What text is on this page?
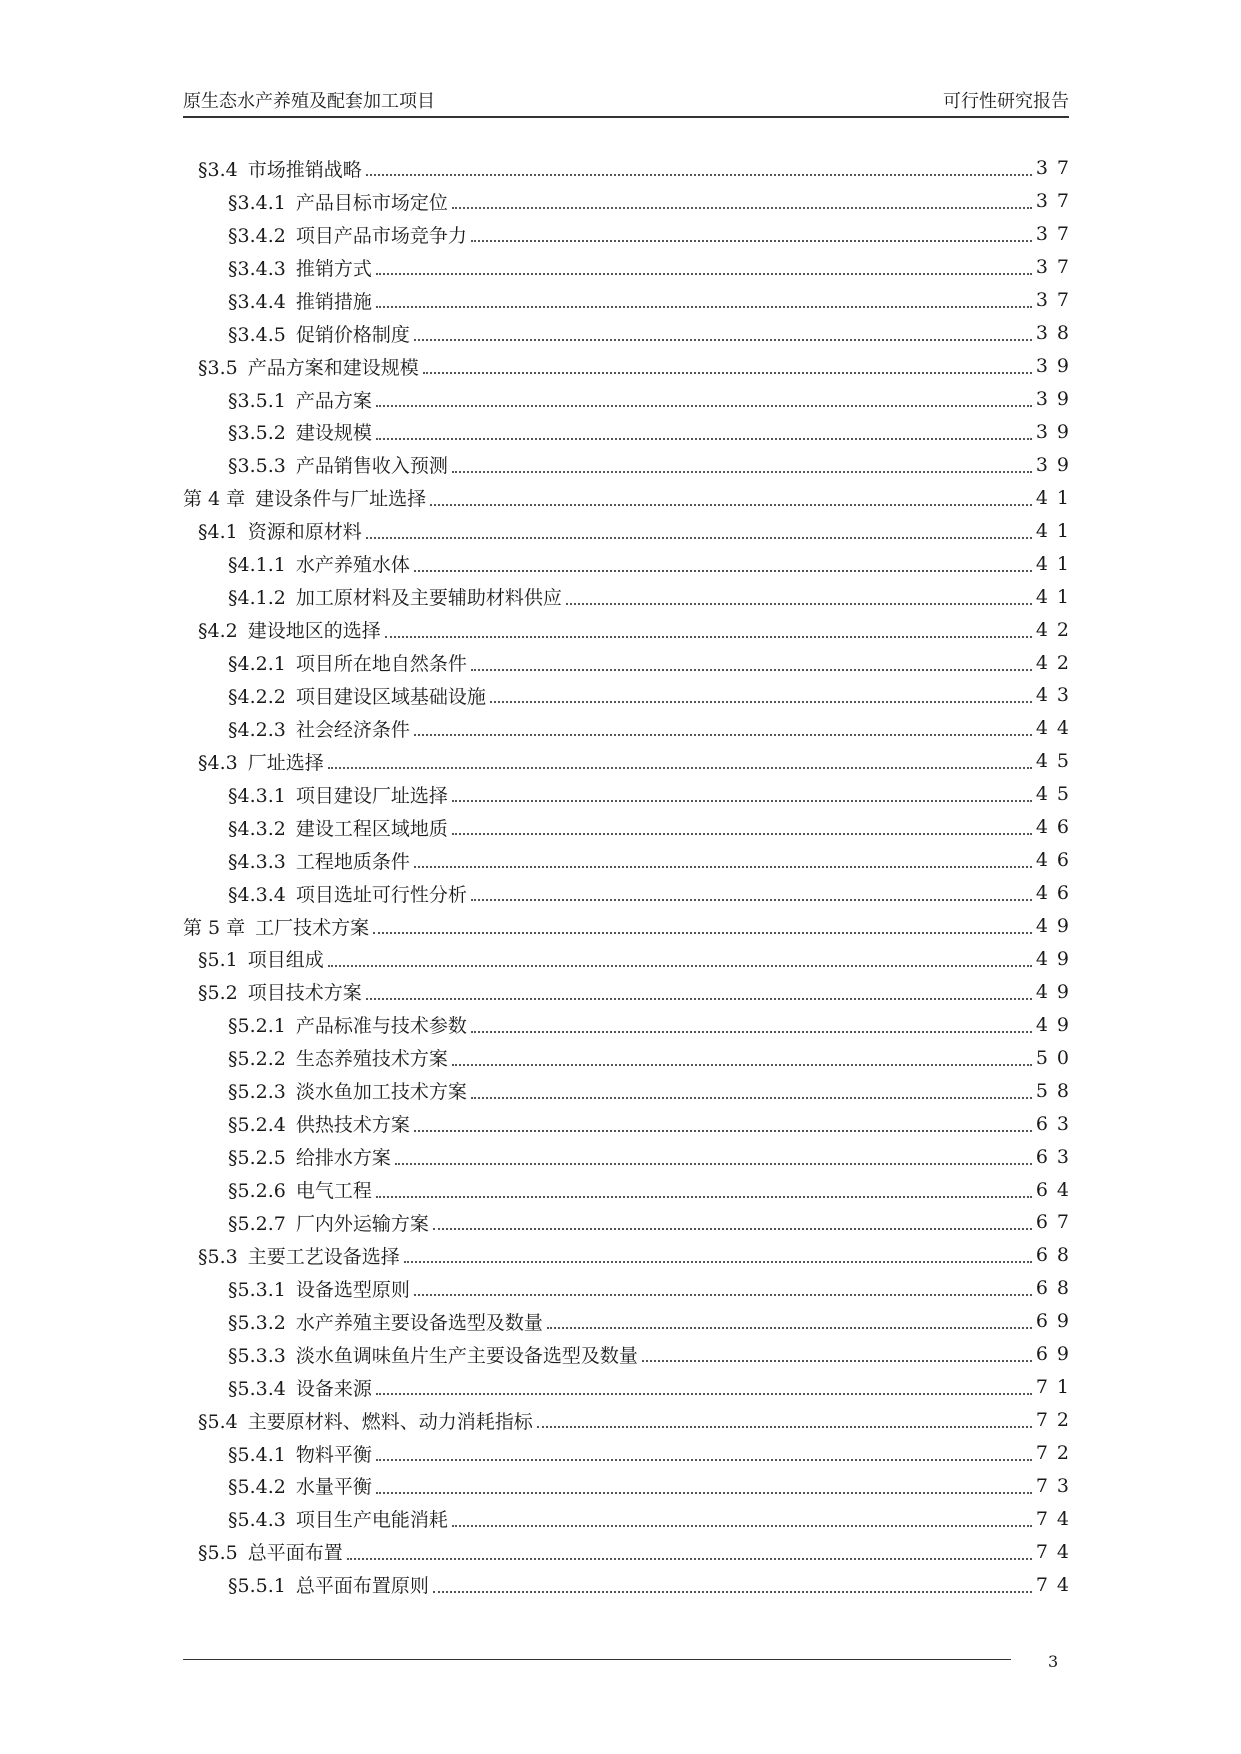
原生态水产养殖及配套加工项目	可行性研究报告
§3.4 市场推销战略	37
§3.4.1 产品目标市场定位	37
§3.4.2 项目产品市场竞争力	37
§3.4.3 推销方式	37
§3.4.4 推销措施	37
§3.4.5 促销价格制度	38
§3.5 产品方案和建设规模	39
§3.5.1 产品方案	39
§3.5.2 建设规模	39
§3.5.3 产品销售收入预测	39
第 4 章 建设条件与厂址选择	41
§4.1 资源和原材料	41
§4.1.1 水产养殖水体	41
§4.1.2 加工原材料及主要辅助材料供应	41
§4.2 建设地区的选择	42
§4.2.1 项目所在地自然条件	42
§4.2.2 项目建设区域基础设施	43
§4.2.3 社会经济条件	44
§4.3 厂址选择	45
§4.3.1 项目建设厂址选择	45
§4.3.2 建设工程区域地质	46
§4.3.3 工程地质条件	46
§4.3.4 项目选址可行性分析	46
第 5 章 工厂技术方案	49
§5.1 项目组成	49
§5.2 项目技术方案	49
§5.2.1 产品标准与技术参数	49
§5.2.2 生态养殖技术方案	50
§5.2.3 淡水鱼加工技术方案	58
§5.2.4 供热技术方案	63
§5.2.5 给排水方案	63
§5.2.6 电气工程	64
§5.2.7 厂内外运输方案	67
§5.3 主要工艺设备选择	68
§5.3.1 设备选型原则	68
§5.3.2 水产养殖主要设备选型及数量	69
§5.3.3 淡水鱼调味鱼片生产主要设备选型及数量	69
§5.3.4 设备来源	71
§5.4 主要原材料、燃料、动力消耗指标	72
§5.4.1 物料平衡	72
§5.4.2 水量平衡	73
§5.4.3 项目生产电能消耗	74
§5.5 总平面布置	74
§5.5.1 总平面布置原则	74
3
